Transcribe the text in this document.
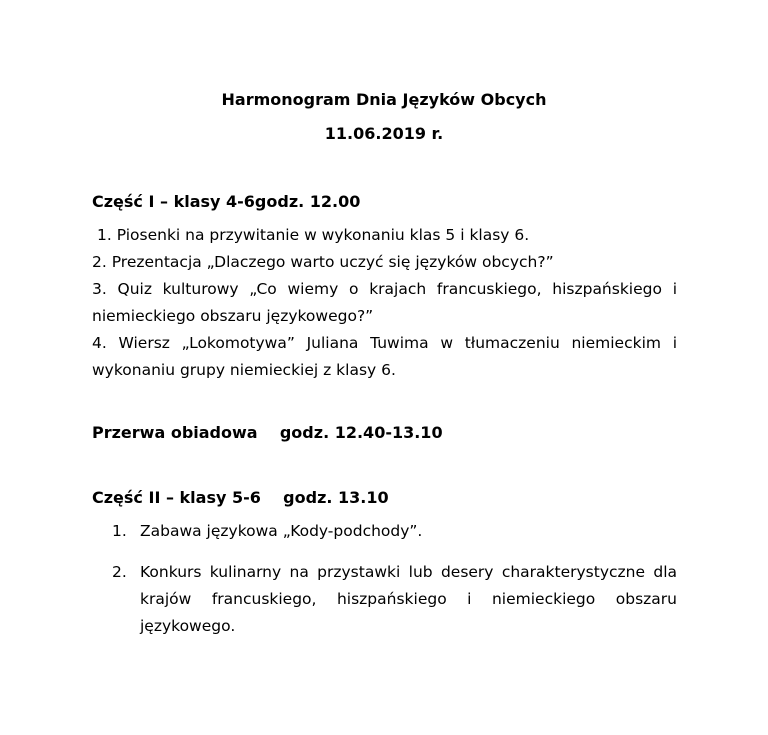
Harmonogram Dnia Języków Obcych
11.06.2019 r.
Część I – klasy 4-6godz. 12.00
1. Piosenki na przywitanie w wykonaniu klas 5 i klasy 6.
2. Prezentacja „Dlaczego warto uczyć się języków obcych?”
3. Quiz kulturowy „Co wiemy o krajach francuskiego, hiszpańskiego i
niemieckiego obszaru językowego?”
4. Wiersz „Lokomotywa” Juliana Tuwima w tłumaczeniu niemieckim i
wykonaniu grupy niemieckiej z klasy 6.
Przerwa obiadowa    godz. 12.40-13.10
Część II – klasy 5-6    godz. 13.10
1. Zabawa językowa „Kody-podchody”.
2. Konkurs kulinarny na przystawki lub desery charakterystyczne dla
krajów francuskiego, hiszpańskiego i niemieckiego obszaru
językowego.
